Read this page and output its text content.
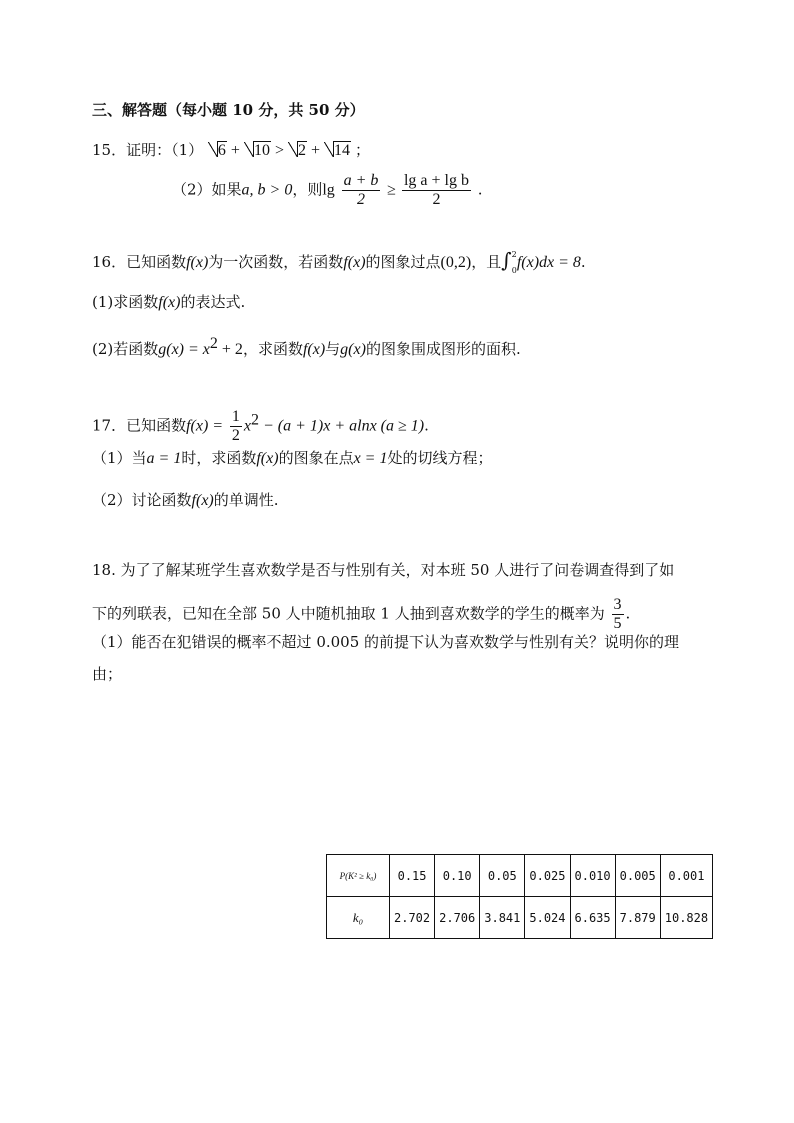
三、解答题（每小题 10 分，共 50 分）
15．证明：（1） 6 + 10 > 2 + 14 ；
（2）如果a, b > 0，则$\lg \frac{a + b}{2} \ge \frac{\text{lg a + lg b}}{2}$ .
16．已知函数f(x)为一次函数，若函数f(x)的图象过点(0,2)，且∫$^2_0$f(x)dx = 8.
(1)求函数f(x)的表达式.
(2)若函数$g(x) = x^2 + 2$，求函数f(x)与g(x)的图象围成图形的面积.
17．已知函数$f(x) = \frac{1}{2} x^2 - (a + 1)x + alnx$ (a ≥ 1).
（1）当a = 1时，求函数f(x)的图象在点x = 1处的切线方程；
（2）讨论函数f(x)的单调性.
18. 为了了解某班学生喜欢数学是否与性别有关，对本班 50 人进行了问卷调查得到了如
下的列联表，已知在全部 50 人中随机抽取 1 人抽到喜欢数学的学生的概率为 $\frac{3}{5}$ .
（1）能否在犯错误的概率不超过 0.005 的前提下认为喜欢数学与性别有关？说明你的理
由；
P(K² ≥ k₀)	0.15	0.10	0.05	0.025	0.010	0.005	0.001
k₀	2.702	2.706	3.841	5.024	6.635	7.879	10.828
